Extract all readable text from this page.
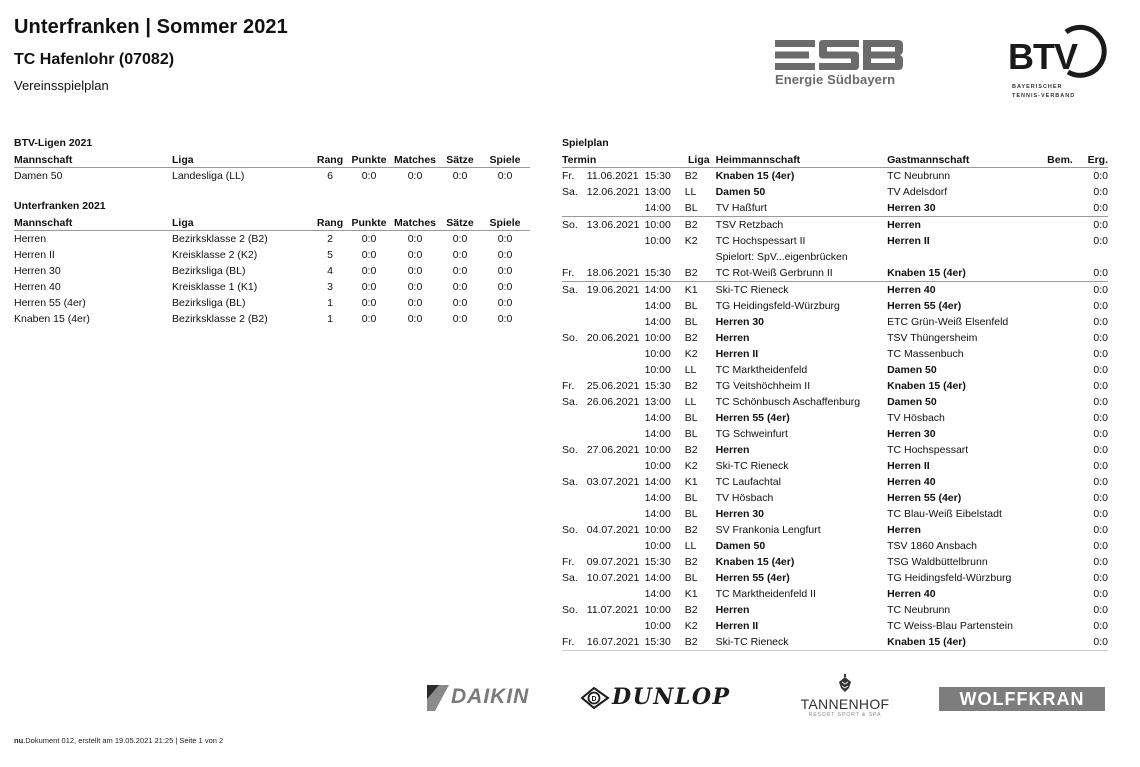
Unterfranken | Sommer 2021
TC Hafenlohr (07082)
Vereinsspielplan	Energie Südbayern
BTV
BAYERISCHER
TENNIS-VERBAND
BTV-Ligen 2021
Mannschaft	Liga	Rang	Punkte	Matches	Sätze	Spiele
Damen 50	Landesliga (LL)	6	0:0	0:0	0:0	0:0
Unterfranken 2021
Mannschaft	Liga	Rang	Punkte	Matches	Sätze	Spiele
Herren	Bezirksklasse 2 (B2)	2	0:0	0:0	0:0	0:0
Herren II	Kreisklasse 2 (K2)	5	0:0	0:0	0:0	0:0
Herren 30	Bezirksliga (BL)	4	0:0	0:0	0:0	0:0
Herren 40	Kreisklasse 1 (K1)	3	0:0	0:0	0:0	0:0
Herren 55 (4er)	Bezirksliga (BL)	1	0:0	0:0	0:0	0:0
Knaben 15 (4er)	Bezirksklasse 2 (B2)	1	0:0	0:0	0:0	0:0
Spielplan
Termin			Liga	Heimmannschaft	Gastmannschaft	Bem.	Erg.
Fr.	11.06.2021	15:30	B2	Knaben 15 (4er)	TC Neubrunn		0:0
Sa.	12.06.2021	13:00	LL	Damen 50	TV Adelsdorf		0:0
		14:00	BL	TV Haßfurt	Herren 30		0:0
So.	13.06.2021	10:00	B2	TSV Retzbach	Herren		0:0
		10:00	K2	TC Hochspessart II	Herren II		0:0
				Spielort: SpV...eigenbrücken			
Fr.	18.06.2021	15:30	B2	TC Rot-Weiß Gerbrunn II	Knaben 15 (4er)		0:0
Sa.	19.06.2021	14:00	K1	Ski-TC Rieneck	Herren 40		0:0
		14:00	BL	TG Heidingsfeld-Würzburg	Herren 55 (4er)		0:0
		14:00	BL	Herren 30	ETC Grün-Weiß Elsenfeld		0:0
So.	20.06.2021	10:00	B2	Herren	TSV Thüngersheim		0:0
		10:00	K2	Herren II	TC Massenbuch		0:0
		10:00	LL	TC Marktheidenfeld	Damen 50		0:0
Fr.	25.06.2021	15:30	B2	TG Veitshöchheim II	Knaben 15 (4er)		0:0
Sa.	26.06.2021	13:00	LL	TC Schönbusch Aschaffenburg	Damen 50		0:0
		14:00	BL	Herren 55 (4er)	TV Hösbach		0:0
		14:00	BL	TG Schweinfurt	Herren 30		0:0
So.	27.06.2021	10:00	B2	Herren	TC Hochspessart		0:0
		10:00	K2	Ski-TC Rieneck	Herren II		0:0
Sa.	03.07.2021	14:00	K1	TC Laufachtal	Herren 40		0:0
		14:00	BL	TV Hösbach	Herren 55 (4er)		0:0
		14:00	BL	Herren 30	TC Blau-Weiß Eibelstadt		0:0
So.	04.07.2021	10:00	B2	SV Frankonia Lengfurt	Herren		0:0
		10:00	LL	Damen 50	TSV 1860 Ansbach		0:0
Fr.	09.07.2021	15:30	B2	Knaben 15 (4er)	TSG Waldbüttelbrunn		0:0
Sa.	10.07.2021	14:00	BL	Herren 55 (4er)	TG Heidingsfeld-Würzburg		0:0
		14:00	K1	TC Marktheidenfeld II	Herren 40		0:0
So.	11.07.2021	10:00	B2	Herren	TC Neubrunn		0:0
		10:00	K2	Herren II	TC Weiss-Blau Partenstein		0:0
Fr.	16.07.2021	15:30	B2	Ski-TC Rieneck	Knaben 15 (4er)		0:0
DAIKIN	D DUNLOP	TANNENHOF
RESORT SPORT & SPA
WOLFFKRAN
nu.Dokument 012, erstellt am 19.05.2021 21:25 | Seite 1 von 2
